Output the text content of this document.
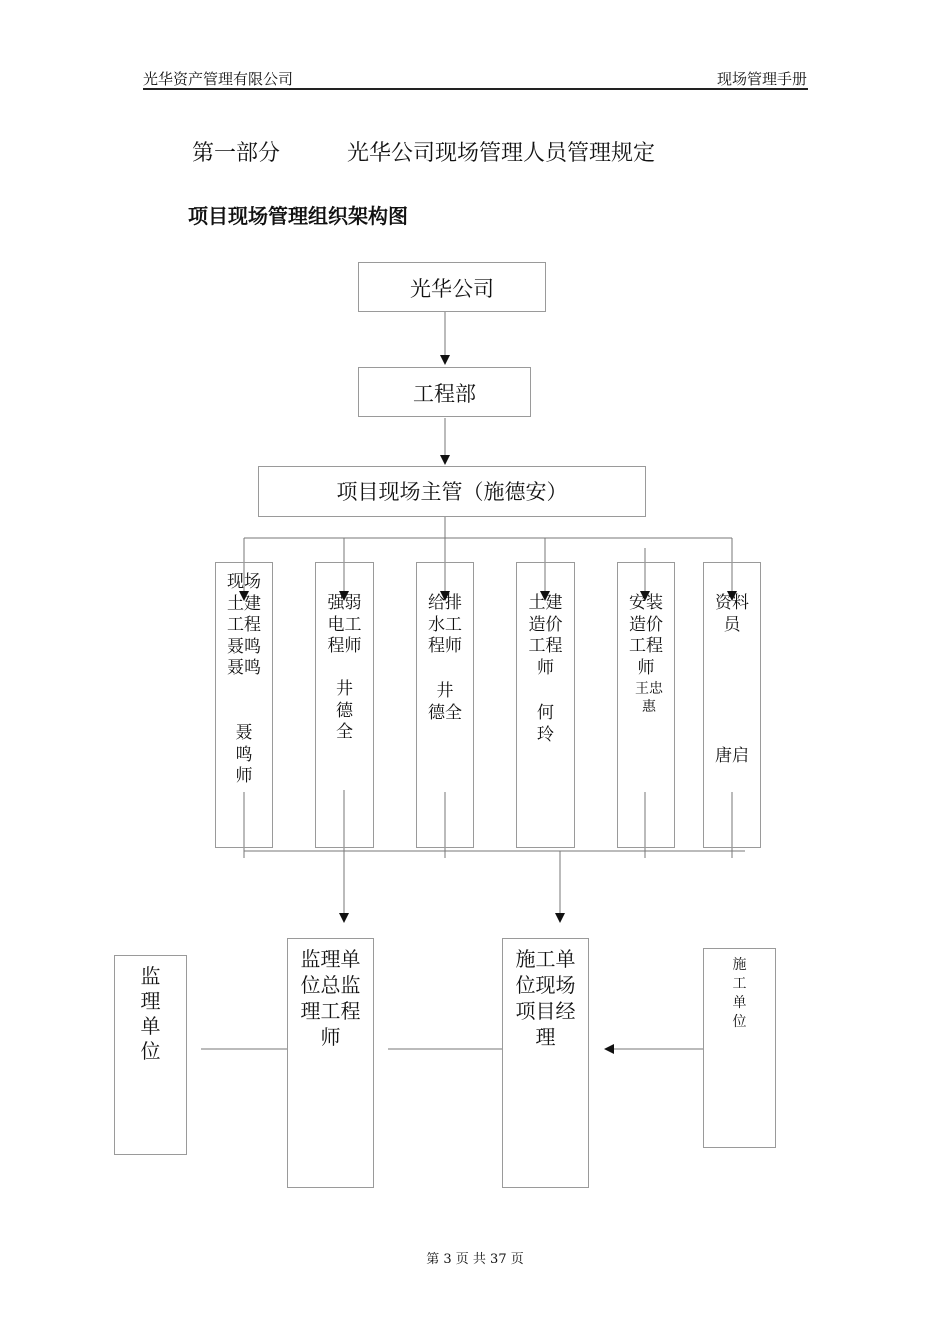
光华资产管理有限公司	现场管理手册
第一部分	光华公司现场管理人员管理规定
项目现场管理组织架构图
光华公司
工程部
项目现场主管（施德安）
现场
土建
工程
聂鸣
聂鸣
聂
鸣
师
强弱
电工
程师
井
德
全
给排
水工
程师
井
德全
土建
造价
工程
师
何
玲
安装
造价
工程
师
王忠
惠
资料
员
唐启
监
理
单
位
监理单
位总监
理工程
师
施工单
位现场
项目经
理
施
工
单
位
第 3 页 共 37 页
